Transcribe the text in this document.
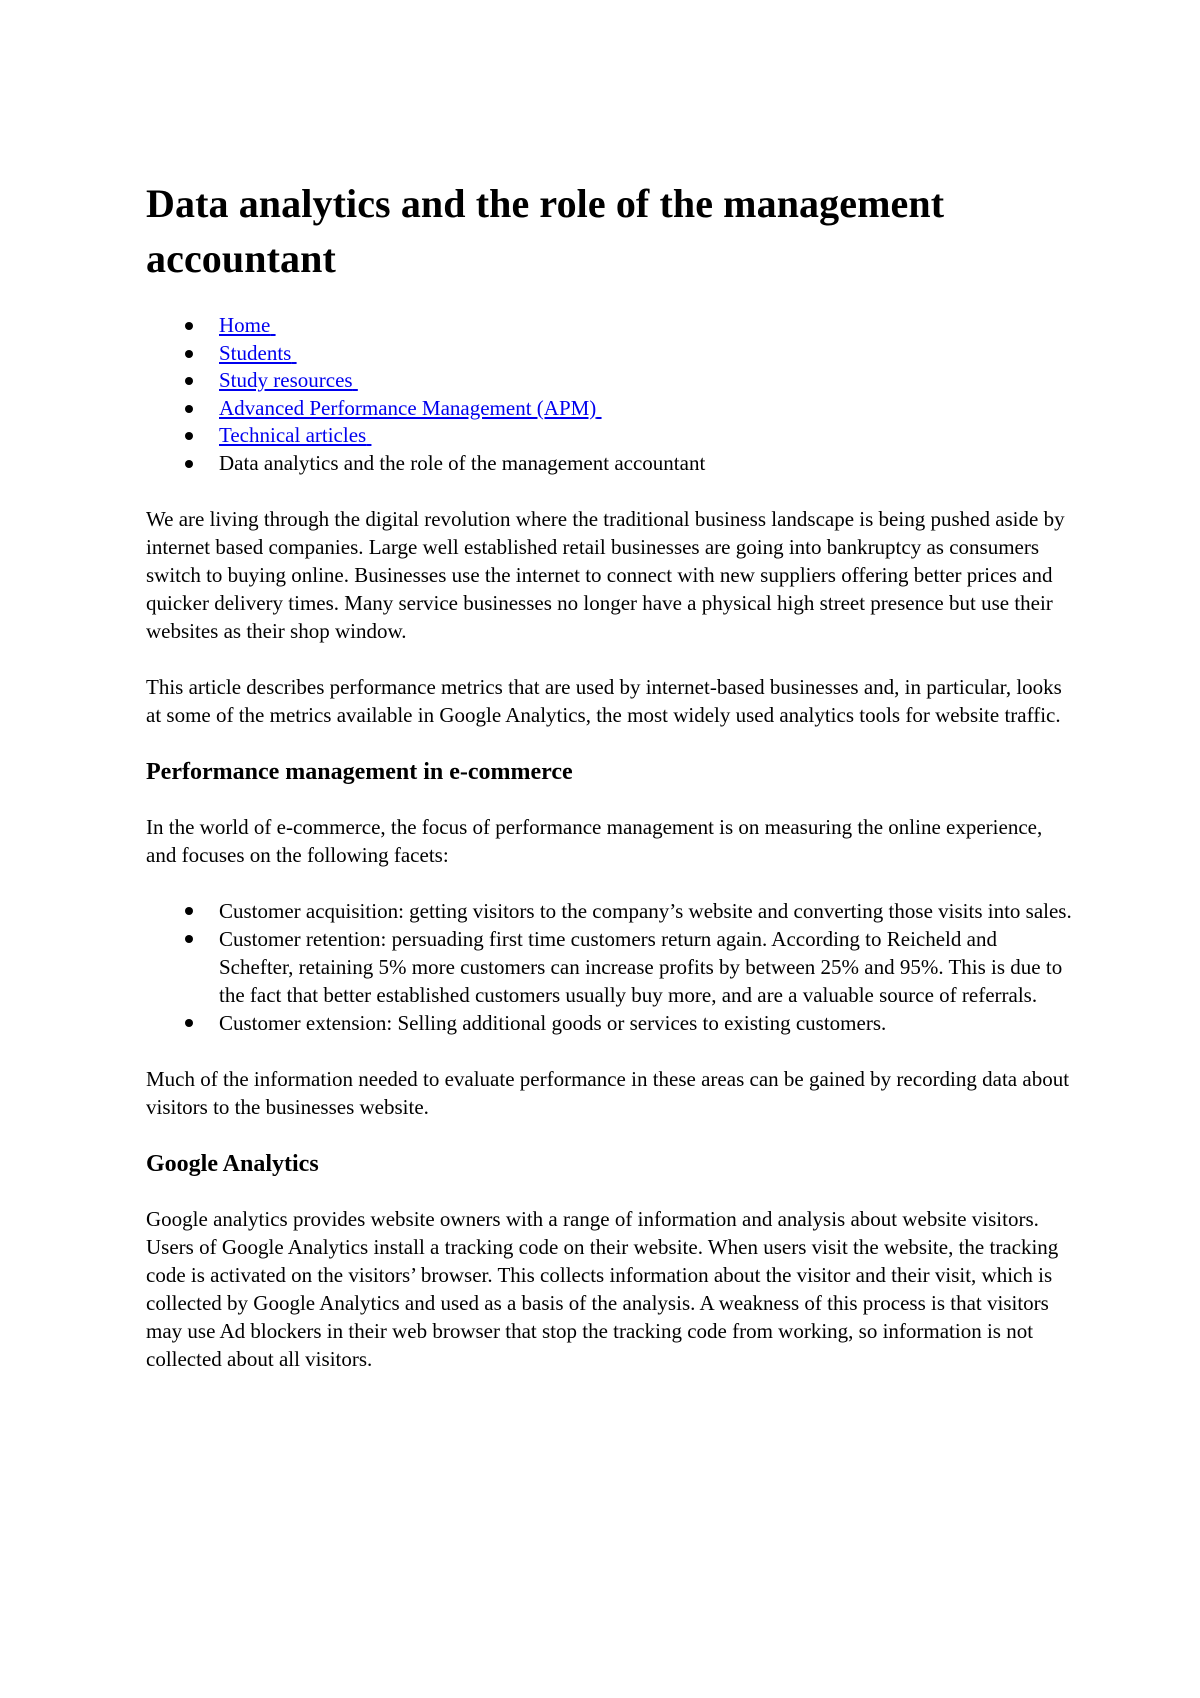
Data analytics and the role of the management accountant
Home
Students
Study resources
Advanced Performance Management (APM)
Technical articles
Data analytics and the role of the management accountant

We are living through the digital revolution where the traditional business landscape is being pushed aside by internet based companies. Large well established retail businesses are going into bankruptcy as consumers switch to buying online. Businesses use the internet to connect with new suppliers offering better prices and quicker delivery times. Many service businesses no longer have a physical high street presence but use their websites as their shop window.

This article describes performance metrics that are used by internet-based businesses and, in particular, looks at some of the metrics available in Google Analytics, the most widely used analytics tools for website traffic.

Performance management in e-commerce

In the world of e-commerce, the focus of performance management is on measuring the online experience, and focuses on the following facets:

Customer acquisition: getting visitors to the company’s website and converting those visits into sales.
Customer retention: persuading first time customers return again. According to Reicheld and Schefter, retaining 5% more customers can increase profits by between 25% and 95%. This is due to the fact that better established customers usually buy more, and are a valuable source of referrals.
Customer extension: Selling additional goods or services to existing customers.

Much of the information needed to evaluate performance in these areas can be gained by recording data about visitors to the businesses website.

Google Analytics

Google analytics provides website owners with a range of information and analysis about website visitors. Users of Google Analytics install a tracking code on their website. When users visit the website, the tracking code is activated on the visitors’ browser. This collects information about the visitor and their visit, which is collected by Google Analytics and used as a basis of the analysis. A weakness of this process is that visitors may use Ad blockers in their web browser that stop the tracking code from working, so information is not collected about all visitors.
